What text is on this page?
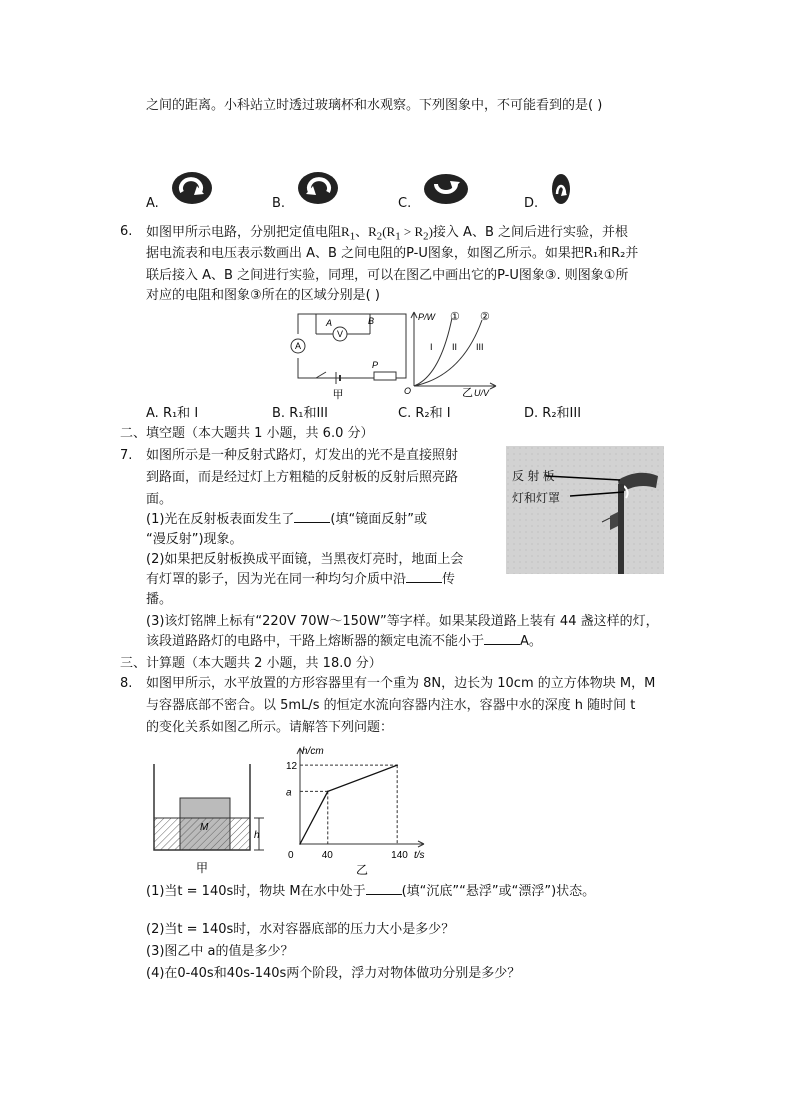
之间的距离。小科站立时透过玻璃杯和水观察。下列图象中，不可能看到的是( )
A.	B.	C.	D.
6. 如图甲所示电路，分别把定值电阻$R_1$、$R_2(R_1 > R_2)$接入 A、B 之间后进行实验，并根
据电流表和电压表示数画出 A、B 之间电阻的P-U图象，如图乙所示。如果把R₁和R₂并
联后接入 A、B 之间进行实验，同理，可以在图乙中画出它的P-U图象③. 则图象①所
对应的电阻和图象③所在的区域分别是( )
A
V
A	B
P
甲
P/W
U/V
O
① ②
I II III
乙
A. R₁和 I	B. R₁和III	C. R₂和 I	D. R₂和III
二、填空题（本大题共 1 小题，共 6.0 分）
7. 如图所示是一种反射式路灯，灯发出的光不是直接照射
到路面，而是经过灯上方粗糙的反射板的反射后照亮路
面。
(1)光在反射板表面发生了	(填“镜面反射”或
“漫反射”)现象。
(2)如果把反射板换成平面镜，当黑夜灯亮时，地面上会
有灯罩的影子，因为光在同一种均匀介质中沿	传
播。
(3)该灯铭牌上标有“220V 70W～150W”等字样。如果某段道路上装有 44 盏这样的灯，
该段道路路灯的电路中，干路上熔断器的额定电流不能小于	A。
反 射 板
灯和灯罩
三、计算题（本大题共 2 小题，共 18.0 分）
8. 如图甲所示，水平放置的方形容器里有一个重为 8N，边长为 10cm 的立方体物块 M，M
与容器底部不密合。以 5mL/s 的恒定水流向容器内注水，容器中水的深度 h 随时间 t
的变化关系如图乙所示。请解答下列问题：
h
M
甲
h/cm
t/s
0	40	140
a
12
乙
(1)当t = 140s时，物块 M在水中处于	(填“沉底”“悬浮”或“漂浮”)状态。
(2)当t = 140s时，水对容器底部的压力大小是多少？
(3)图乙中 a的值是多少？
(4)在0-40s和40s-140s两个阶段，浮力对物体做功分别是多少？
